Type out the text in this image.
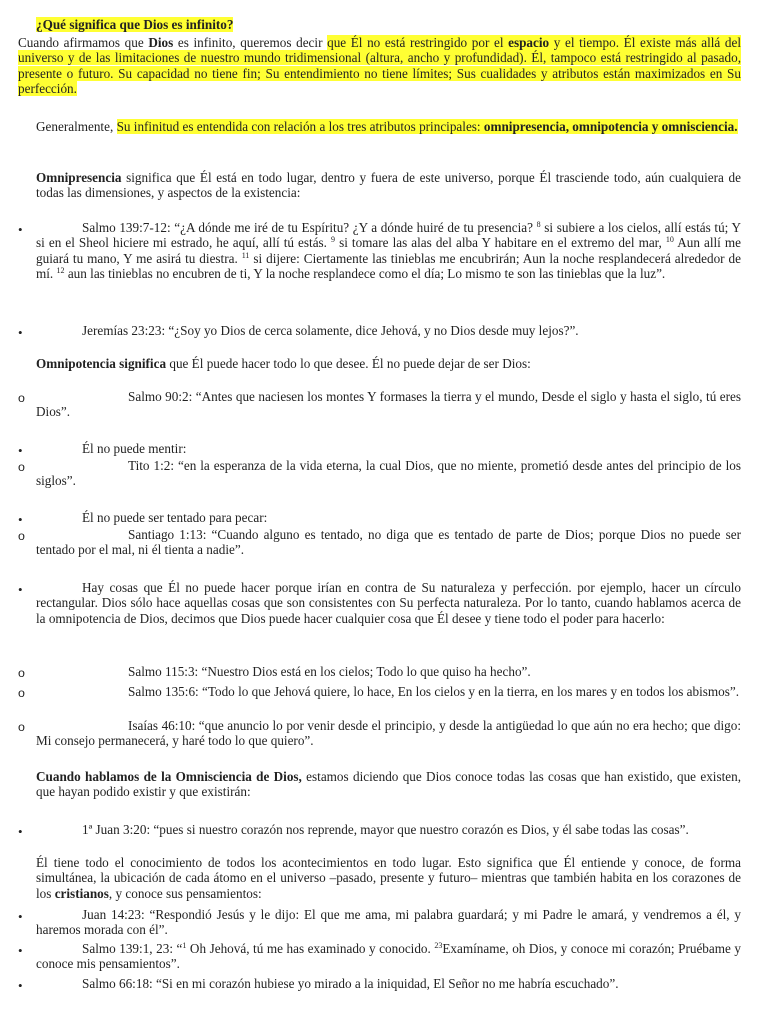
¿Qué significa que Dios es infinito?
Cuando afirmamos que Dios es infinito, queremos decir que Él no está restringido por el espacio y el tiempo. Él existe más allá del universo y de las limitaciones de nuestro mundo tridimensional (altura, ancho y profundidad). Él, tampoco está restringido al pasado, presente o futuro. Su capacidad no tiene fin; Su entendimiento no tiene límites; Sus cualidades y atributos están maximizados en Su perfección.
Generalmente, Su infinitud es entendida con relación a los tres atributos principales: omnipresencia, omnipotencia y omnisciencia.
Omnipresencia significa que Él está en todo lugar, dentro y fuera de este universo, porque Él trasciende todo, aún cualquiera de todas las dimensiones, y aspectos de la existencia:
•	Salmo 139:7-12: “¿A dónde me iré de tu Espíritu? ¿Y a dónde huiré de tu presencia? $^8$ si subiere a los cielos, allí estás tú; Y si en el Sheol hiciere mi estrado, he aquí, allí tú estás. $^9$ si tomare las alas del alba Y habitare en el extremo del mar, $^{10}$ Aun allí me guiará tu mano, Y me asirá tu diestra. $^{11}$ si dijere: Ciertamente las tinieblas me encubrirán; Aun la noche resplandecerá alrededor de mí. $^{12}$ aun las tinieblas no encubren de ti, Y la noche resplandece como el día; Lo mismo te son las tinieblas que la luz”.
•	Jeremías 23:23: “¿Soy yo Dios de cerca solamente, dice Jehová, y no Dios desde muy lejos?”.
Omnipotencia significa que Él puede hacer todo lo que desee. Él no puede dejar de ser Dios:
o	Salmo 90:2: “Antes que naciesen los montes Y formases la tierra y el mundo, Desde el siglo y hasta el siglo, tú eres Dios”.
•	Él no puede mentir:
o	Tito 1:2: “en la esperanza de la vida eterna, la cual Dios, que no miente, prometió desde antes del principio de los siglos”.
•	Él no puede ser tentado para pecar:
o	Santiago 1:13: “Cuando alguno es tentado, no diga que es tentado de parte de Dios; porque Dios no puede ser tentado por el mal, ni él tienta a nadie”.
•	Hay cosas que Él no puede hacer porque irían en contra de Su naturaleza y perfección. por ejemplo, hacer un círculo rectangular. Dios sólo hace aquellas cosas que son consistentes con Su perfecta naturaleza. Por lo tanto, cuando hablamos acerca de la omnipotencia de Dios, decimos que Dios puede hacer cualquier cosa que Él desee y tiene todo el poder para hacerlo:
o	Salmo 115:3: “Nuestro Dios está en los cielos; Todo lo que quiso ha hecho”.
o	Salmo 135:6: “Todo lo que Jehová quiere, lo hace, En los cielos y en la tierra, en los mares y en todos los abismos”.
o	Isaías 46:10: “que anuncio lo por venir desde el principio, y desde la antigüedad lo que aún no era hecho; que digo: Mi consejo permanecerá, y haré todo lo que quiero”.
Cuando hablamos de la Omnisciencia de Dios, estamos diciendo que Dios conoce todas las cosas que han existido, que existen, que hayan podido existir y que existirán:
•	1ª Juan 3:20: “pues si nuestro corazón nos reprende, mayor que nuestro corazón es Dios, y él sabe todas las cosas”.
Él tiene todo el conocimiento de todos los acontecimientos en todo lugar. Esto significa que Él entiende y conoce, de forma simultánea, la ubicación de cada átomo en el universo –pasado, presente y futuro– mientras que también habita en los corazones de los cristianos, y conoce sus pensamientos:
•	Juan 14:23: “Respondió Jesús y le dijo: El que me ama, mi palabra guardará; y mi Padre le amará, y vendremos a él, y haremos morada con él”.
•	Salmo 139:1, 23: “$^1$ Oh Jehová, tú me has examinado y conocido. $^{23}$Examíname, oh Dios, y conoce mi corazón; Pruébame y conoce mis pensamientos”.
•	Salmo 66:18: “Si en mi corazón hubiese yo mirado a la iniquidad, El Señor no me habría escuchado”.
